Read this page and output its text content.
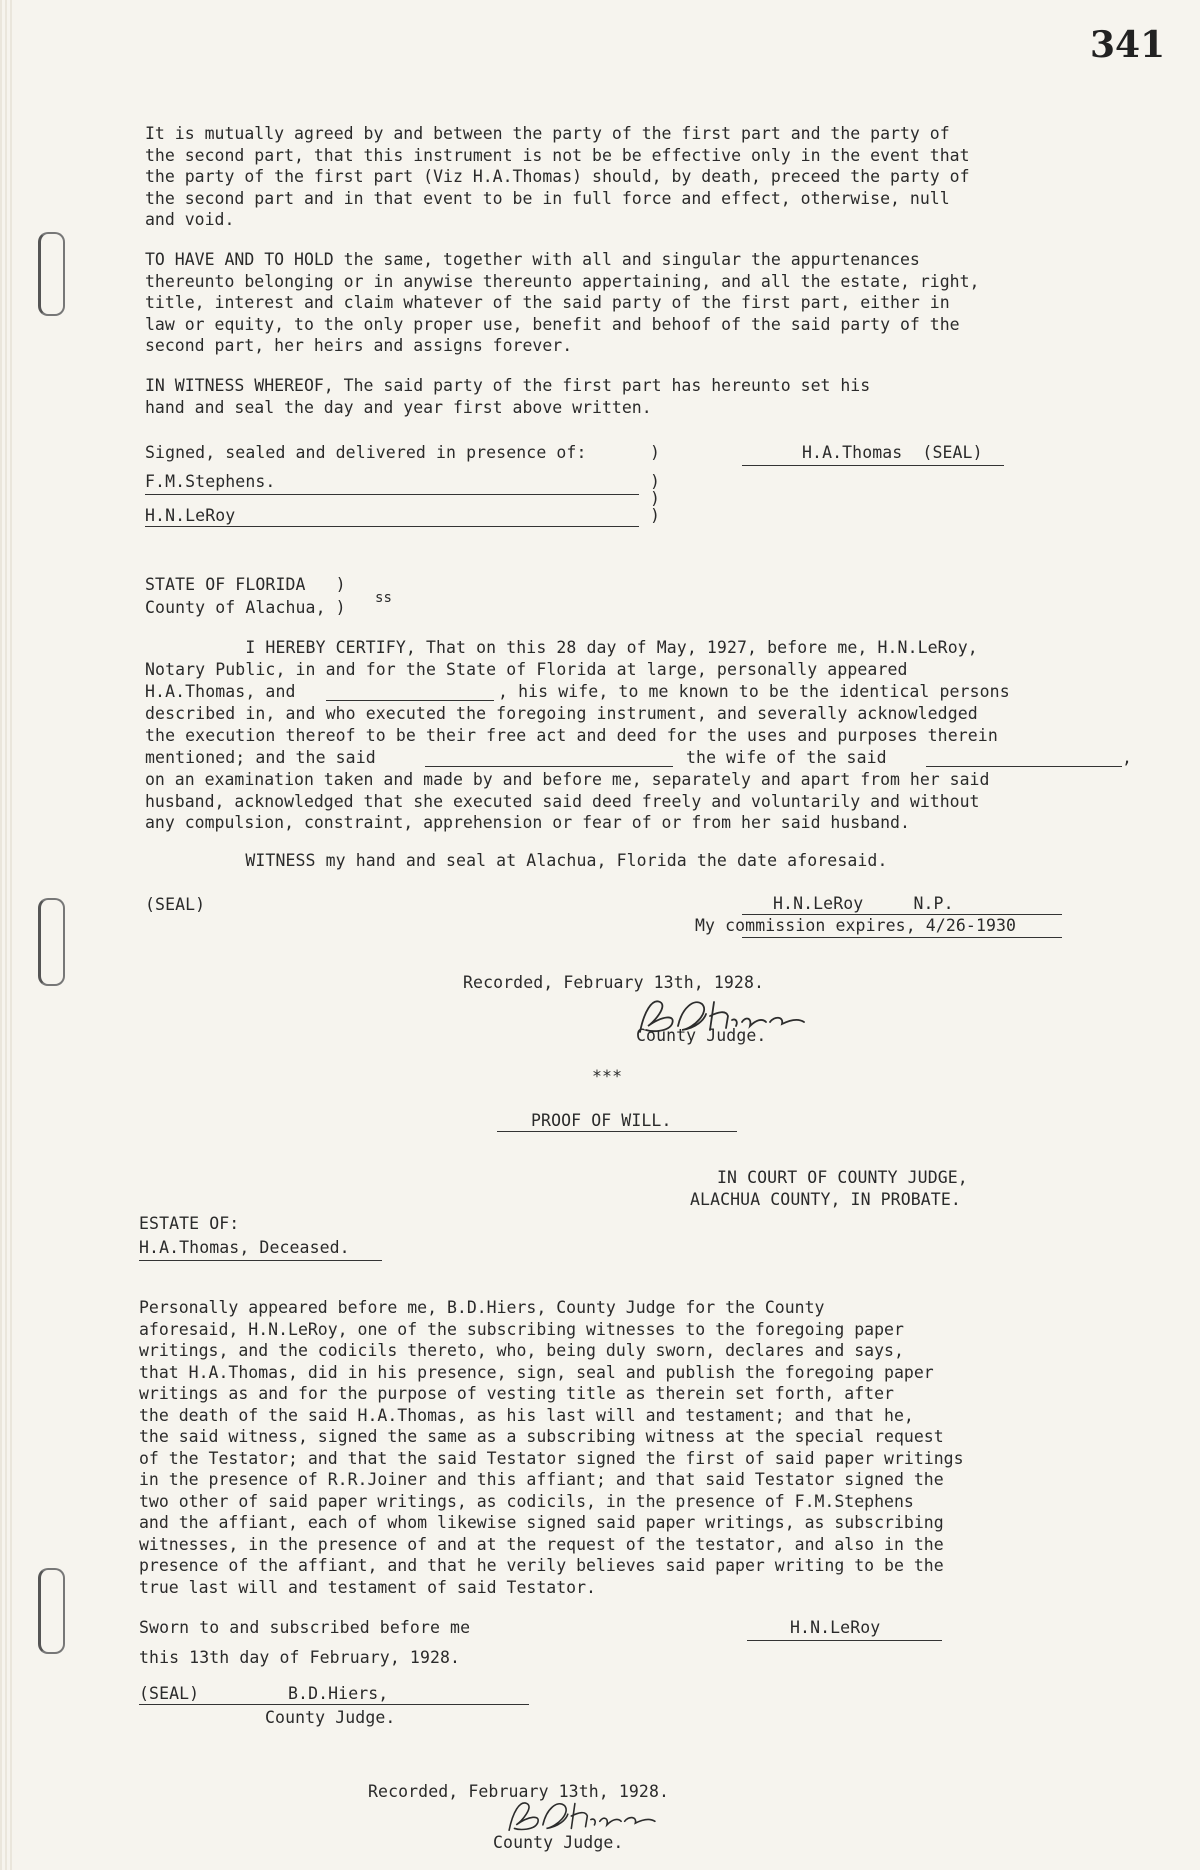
341
It is mutually agreed by and between the party of the first part and the party of
the second part, that this instrument is not be be effective only in the event that
the party of the first part (Viz H.A.Thomas) should, by death, preceed the party of
the second part and in that event to be in full force and effect, otherwise, null
and void.
TO HAVE AND TO HOLD the same, together with all and singular the appurtenances
thereunto belonging or in anywise thereunto appertaining, and all the estate, right,
title, interest and claim whatever of the said party of the first part, either in
law or equity, to the only proper use, benefit and behoof of the said party of the
second part, her heirs and assigns forever.
IN WITNESS WHEREOF, The said party of the first part has hereunto set his
hand and seal the day and year first above written.
Signed, sealed and delivered in presence of:	)	H.A.Thomas  (SEAL)
F.M.Stephens.	)
)
H.N.LeRoy	)
STATE OF FLORIDA   )
County of Alachua, ) ss
I HEREBY CERTIFY, That on this 28 day of May, 1927, before me, H.N.LeRoy,
Notary Public, in and for the State of Florida at large, personally appeared
H.A.Thomas, and	, his wife, to me known to be the identical persons
described in, and who executed the foregoing instrument, and severally acknowledged
the execution thereof to be their free act and deed for the uses and purposes therein
mentioned; and the said	the wife of the said	,
on an examination taken and made by and before me, separately and apart from her said
husband, acknowledged that she executed said deed freely and voluntarily and without
any compulsion, constraint, apprehension or fear of or from her said husband.
WITNESS my hand and seal at Alachua, Florida the date aforesaid.
(SEAL)	H.N.LeRoy     N.P.
My commission expires, 4/26-1930
Recorded, February 13th, 1928.
County Judge.
***
PROOF OF WILL.
IN COURT OF COUNTY JUDGE,
ALACHUA COUNTY, IN PROBATE.
ESTATE OF:
H.A.Thomas, Deceased.
Personally appeared before me, B.D.Hiers, County Judge for the County
aforesaid, H.N.LeRoy, one of the subscribing witnesses to the foregoing paper
writings, and the codicils thereto, who, being duly sworn, declares and says,
that H.A.Thomas, did in his presence, sign, seal and publish the foregoing paper
writings as and for the purpose of vesting title as therein set forth, after
the death of the said H.A.Thomas, as his last will and testament; and that he,
the said witness, signed the same as a subscribing witness at the special request
of the Testator; and that the said Testator signed the first of said paper writings
in the presence of R.R.Joiner and this affiant; and that said Testator signed the
two other of said paper writings, as codicils, in the presence of F.M.Stephens
and the affiant, each of whom likewise signed said paper writings, as subscribing
witnesses, in the presence of and at the request of the testator, and also in the
presence of the affiant, and that he verily believes said paper writing to be the
true last will and testament of said Testator.
Sworn to and subscribed before me
this 13th day of February, 1928.
H.N.LeRoy
(SEAL)	B.D.Hiers,
County Judge.
Recorded, February 13th, 1928.
County Judge.
